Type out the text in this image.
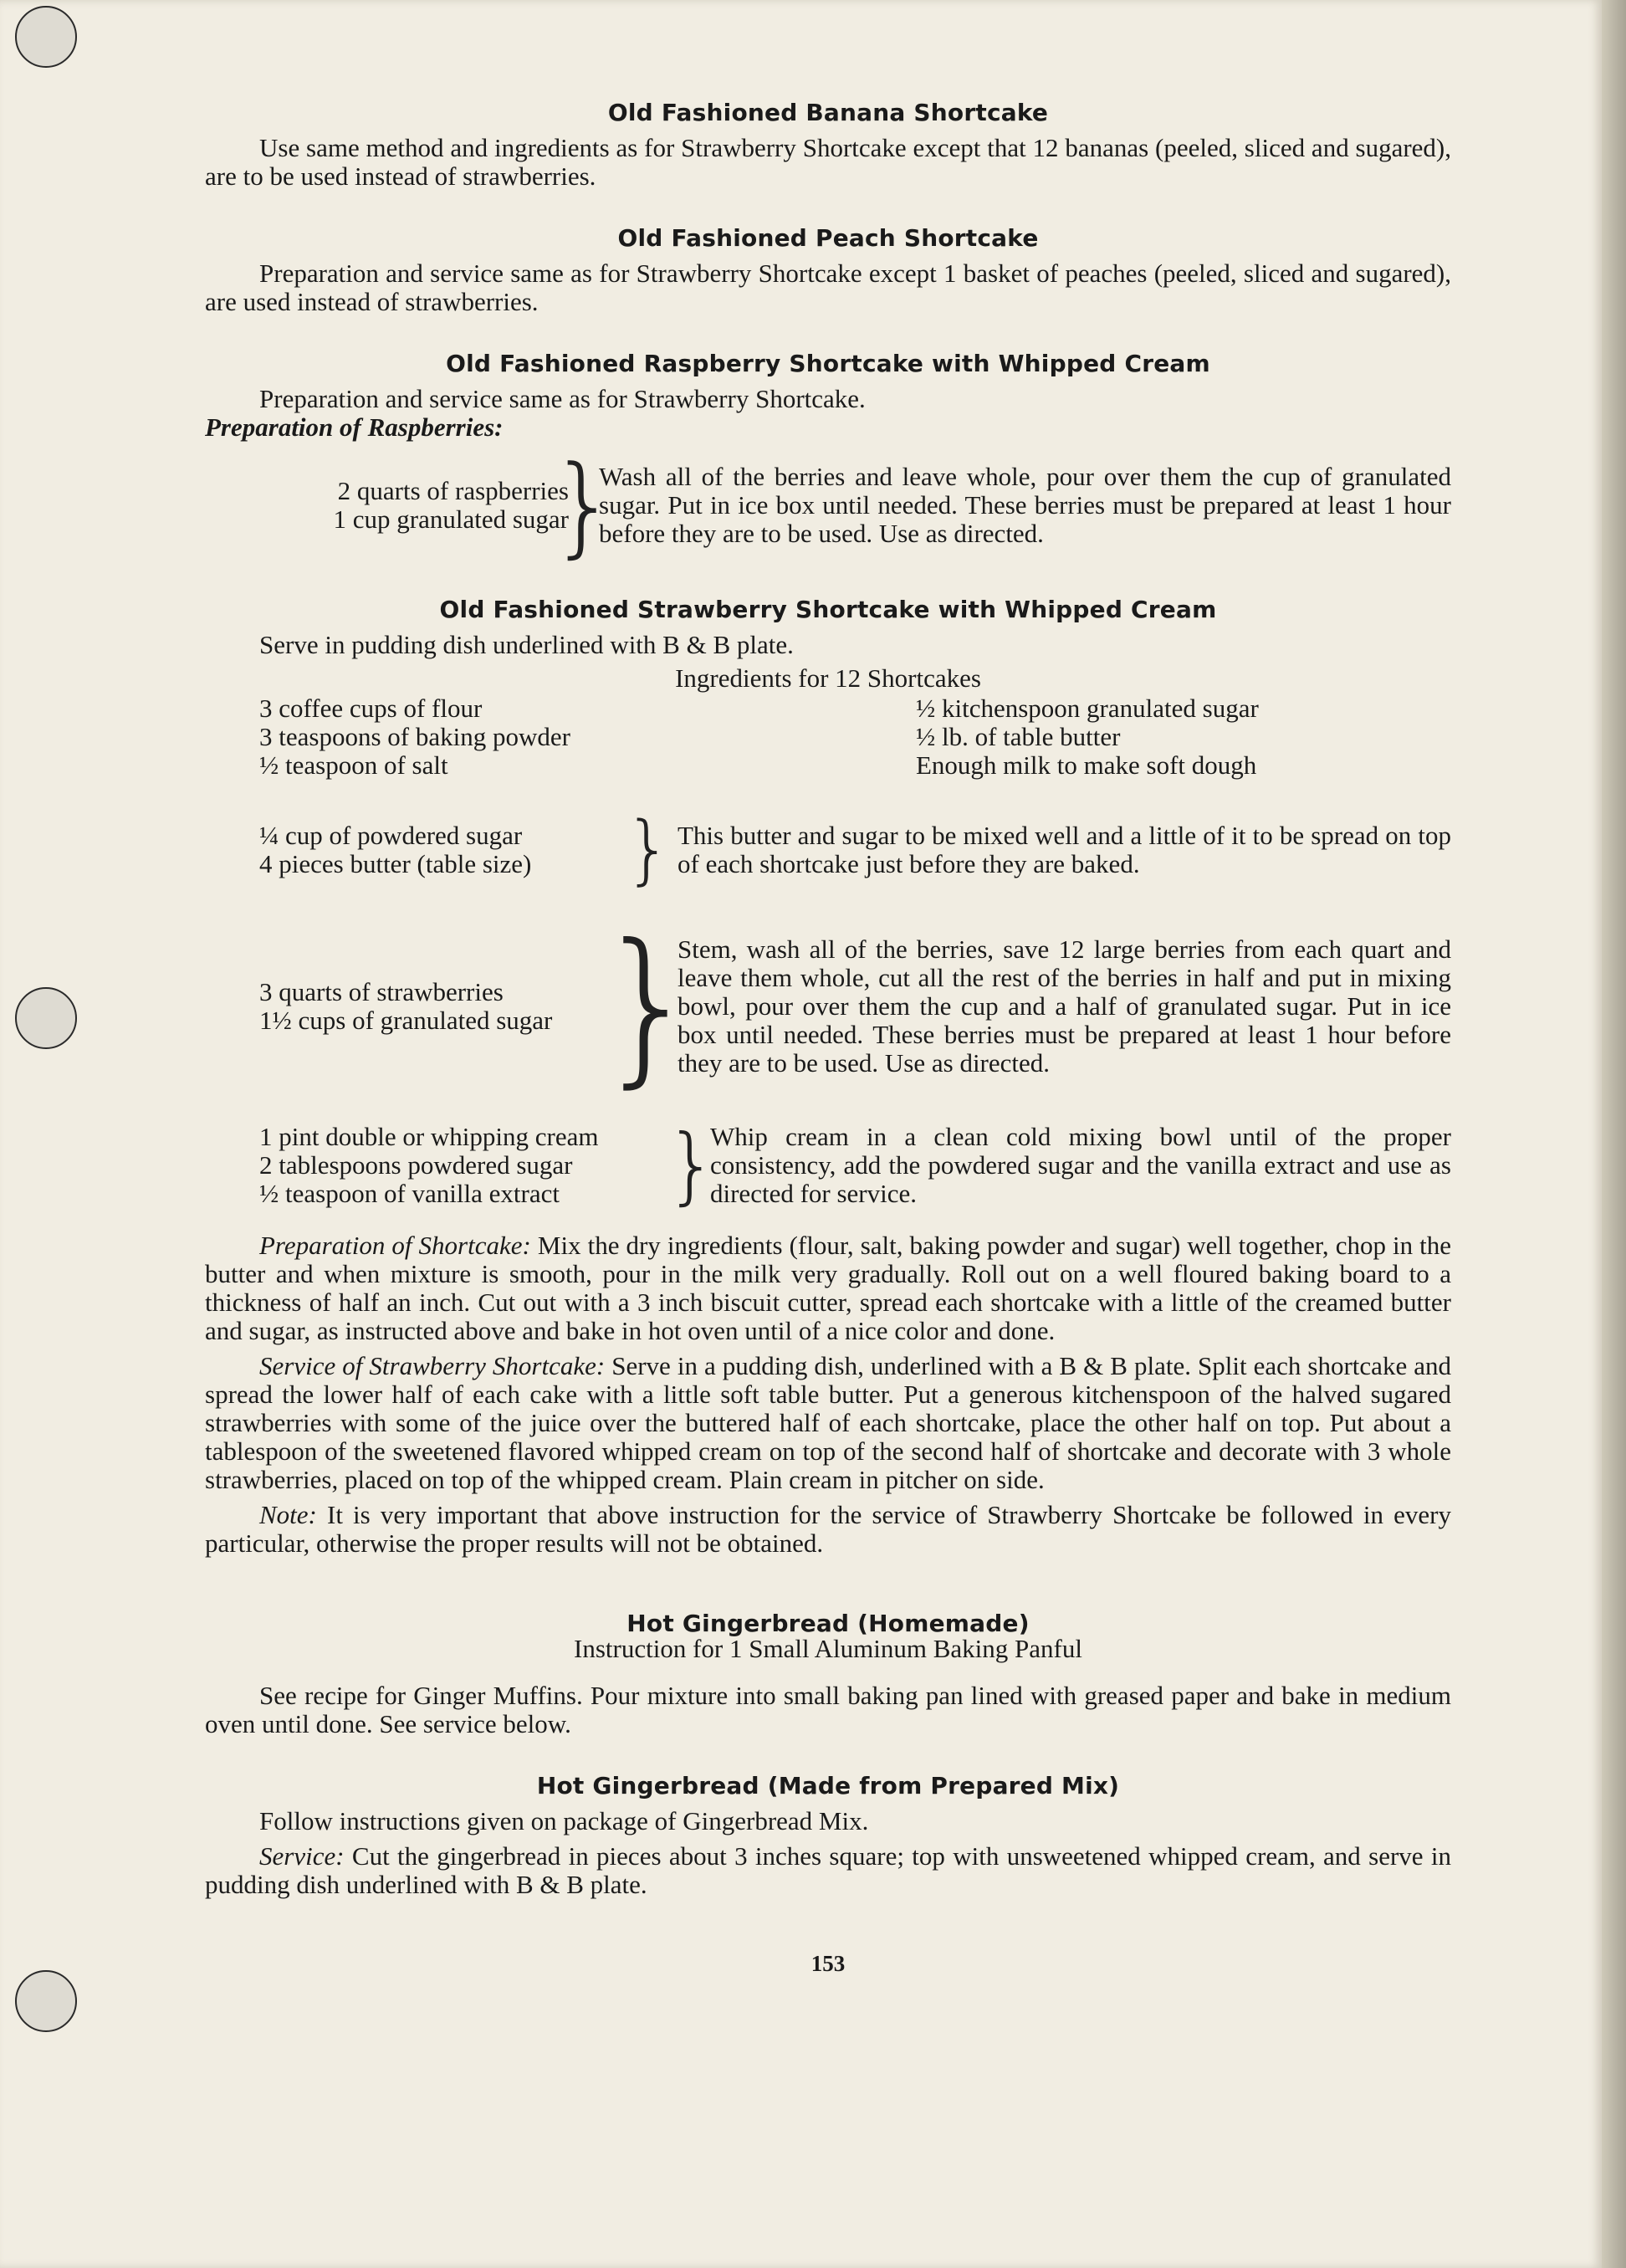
Old Fashioned Banana Shortcake

Use same method and ingredients as for Strawberry Shortcake except that 12 bananas (peeled, sliced and sugared), are to be used instead of strawberries.

Old Fashioned Peach Shortcake

Preparation and service same as for Strawberry Shortcake except 1 basket of peaches (peeled, sliced and sugared), are used instead of strawberries.

Old Fashioned Raspberry Shortcake with Whipped Cream

Preparation and service same as for Strawberry Shortcake.

Preparation of Raspberries:
2 quarts of raspberries
1 cup granulated sugar
}

Wash all of the berries and leave whole, pour over them the cup of granulated sugar. Put in ice box until needed. These berries must be prepared at least 1 hour before they are to be used. Use as directed.

Old Fashioned Strawberry Shortcake with Whipped Cream

Serve in pudding dish underlined with B & B plate.

Ingredients for 12 Shortcakes
3 coffee cups of flour
3 teaspoons of baking powder
½ teaspoon of salt
½ kitchenspoon granulated sugar
½ lb. of table butter
Enough milk to make soft dough
¼ cup of powdered sugar
4 pieces butter (table size)	} This butter and sugar to be mixed well and a little of it to be spread on top of each shortcake just before they are baked.

3 quarts of strawberries
1½ cups of granulated sugar }

Stem, wash all of the berries, save 12 large berries from each quart and leave them whole, cut all the rest of the berries in half and put in mixing bowl, pour over them the cup and a half of granulated sugar. Put in ice box until needed. These berries must be prepared at least 1 hour before they are to be used. Use as directed.

1 pint double or whipping cream
2 tablespoons powdered sugar
½ teaspoon of vanilla extract	}

Whip cream in a clean cold mixing bowl until of the proper consistency, add the powdered sugar and the vanilla extract and use as directed for service.

Preparation of Shortcake: Mix the dry ingredients (flour, salt, baking powder and sugar) well together, chop in the butter and when mixture is smooth, pour in the milk very gradually. Roll out on a well floured baking board to a thickness of half an inch. Cut out with a 3 inch biscuit cutter, spread each shortcake with a little of the creamed butter and sugar, as instructed above and bake in hot oven until of a nice color and done.

Service of Strawberry Shortcake: Serve in a pudding dish, underlined with a B & B plate. Split each shortcake and spread the lower half of each cake with a little soft table butter. Put a generous kitchenspoon of the halved sugared strawberries with some of the juice over the buttered half of each shortcake, place the other half on top. Put about a tablespoon of the sweetened flavored whipped cream on top of the second half of shortcake and decorate with 3 whole strawberries, placed on top of the whipped cream. Plain cream in pitcher on side.

Note: It is very important that above instruction for the service of Strawberry Shortcake be followed in every particular, otherwise the proper results will not be obtained.

Hot Gingerbread (Homemade)
Instruction for 1 Small Aluminum Baking Panful

See recipe for Ginger Muffins. Pour mixture into small baking pan lined with greased paper and bake in medium oven until done. See service below.

Hot Gingerbread (Made from Prepared Mix)

Follow instructions given on package of Gingerbread Mix.

Service: Cut the gingerbread in pieces about 3 inches square; top with unsweetened whipped cream, and serve in pudding dish underlined with B & B plate.

153
